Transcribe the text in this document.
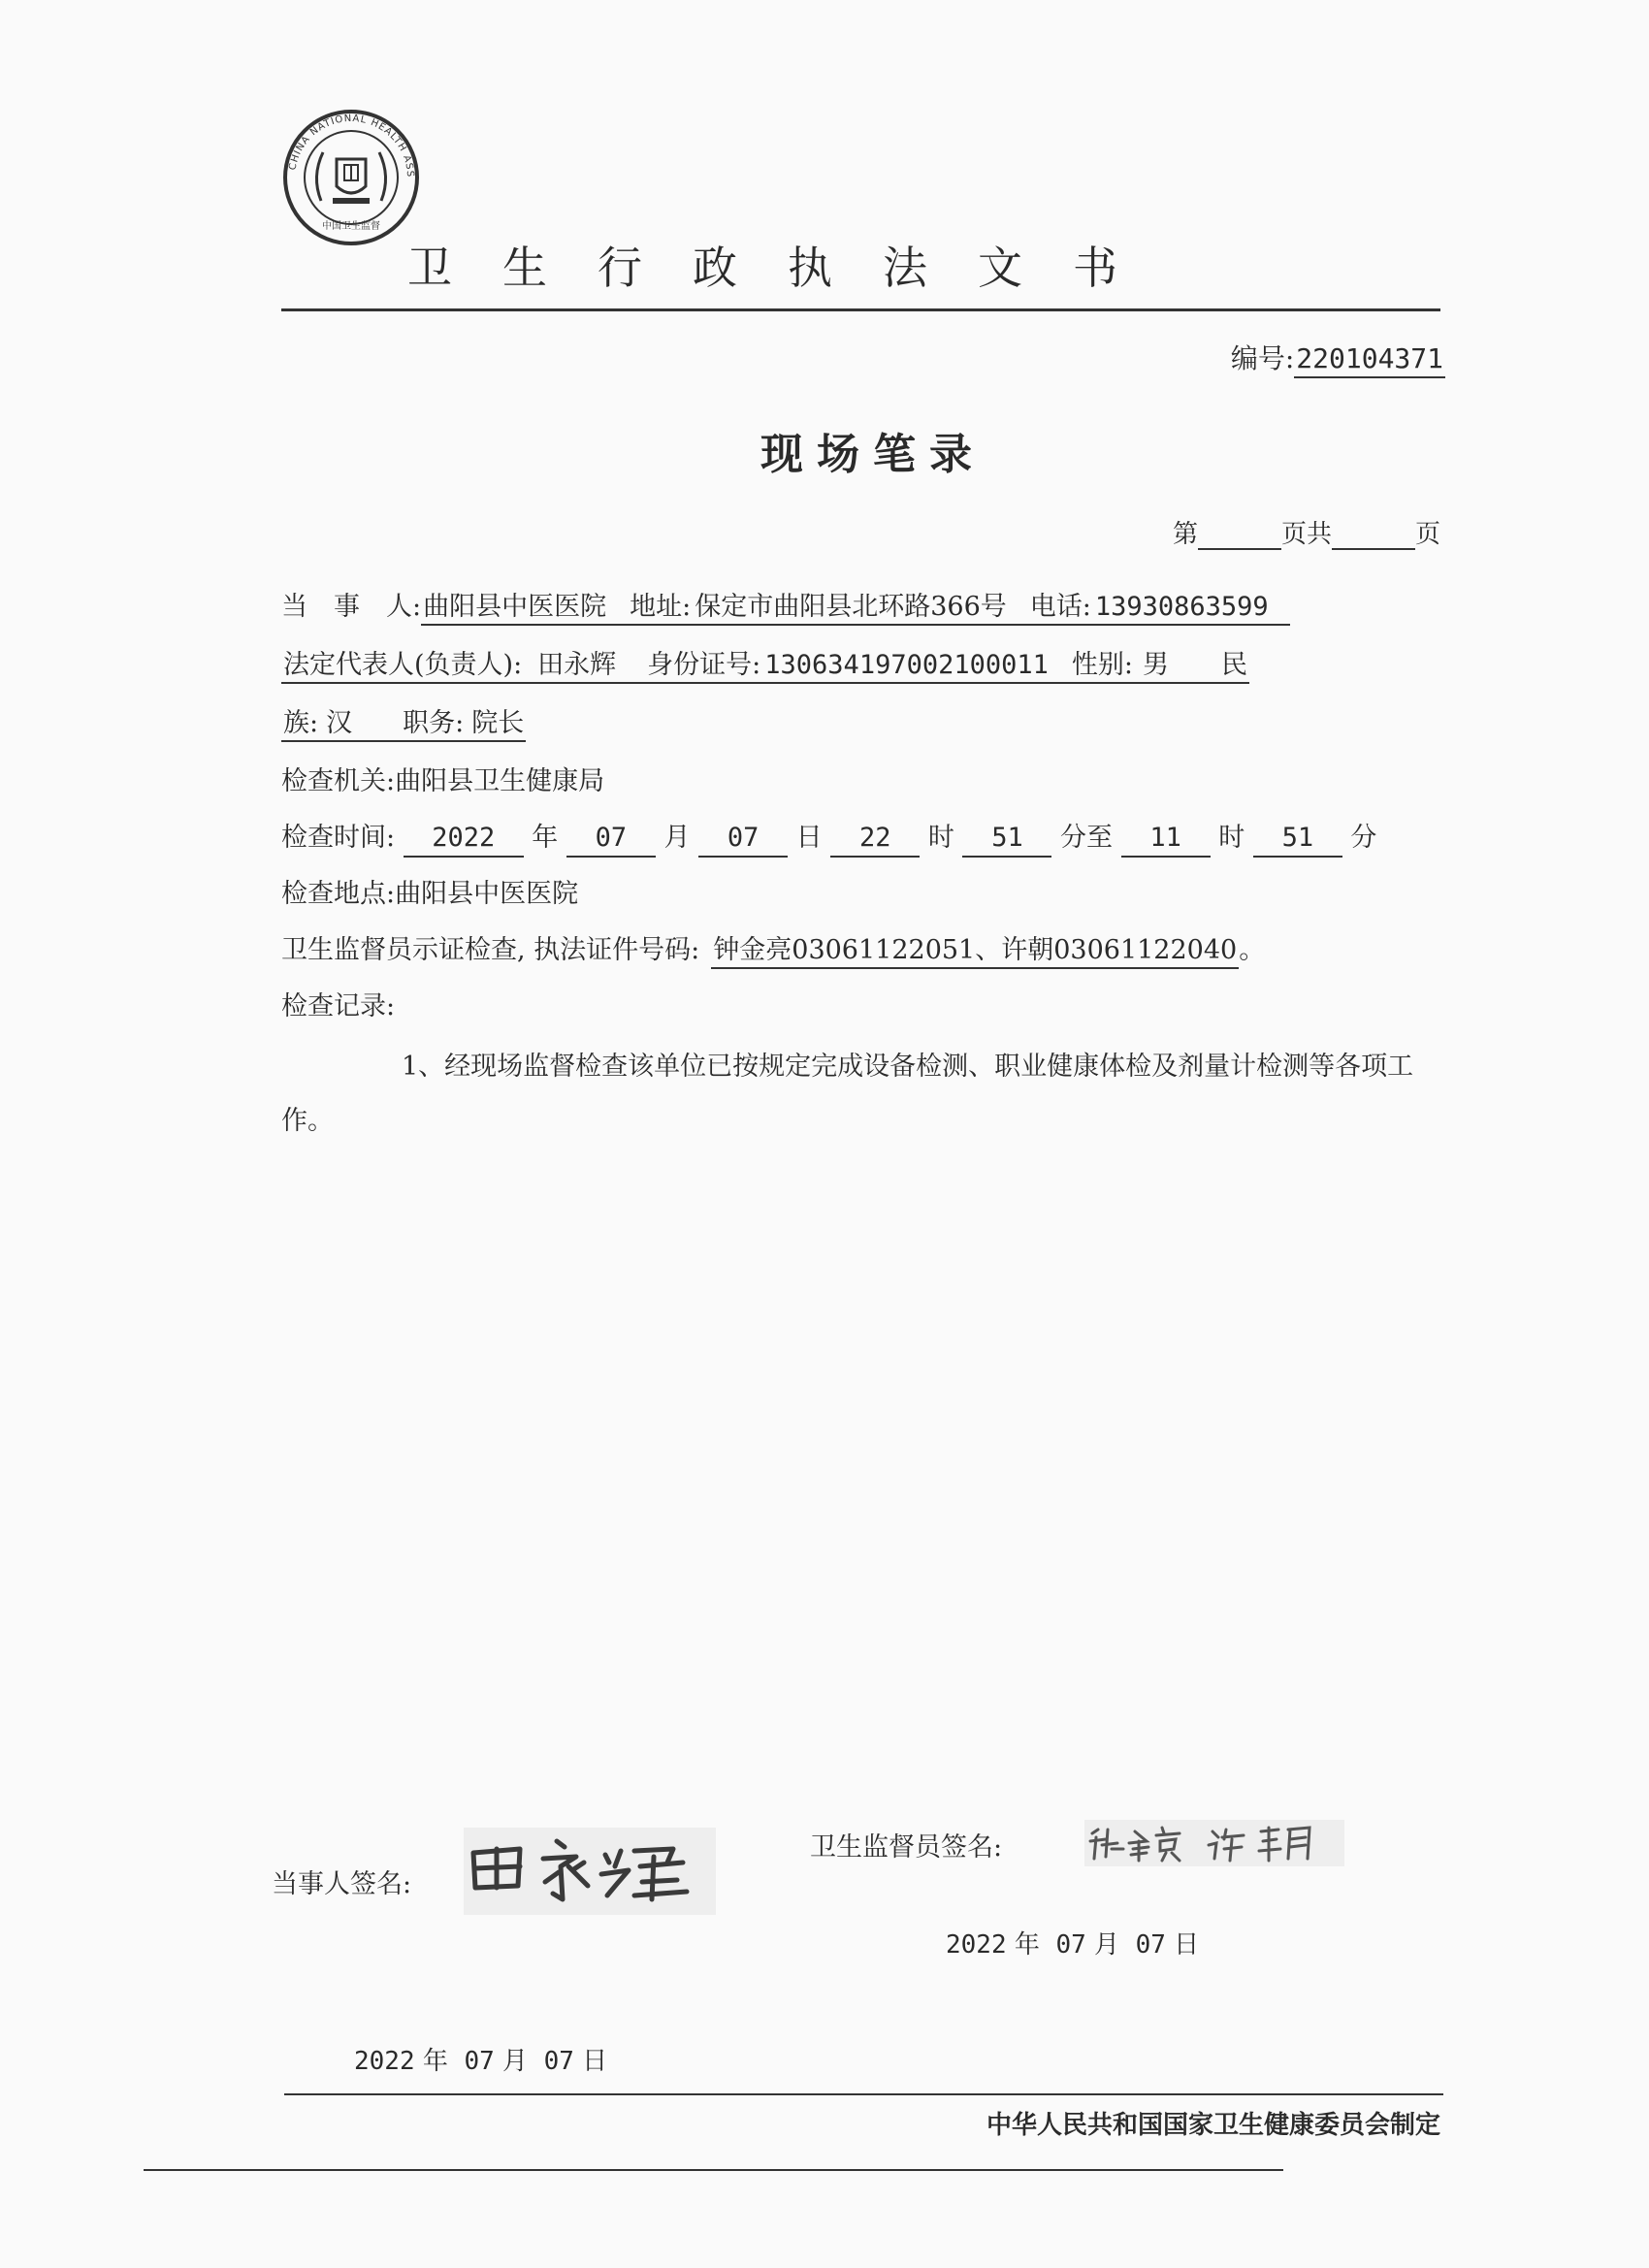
CHINA NATIONAL HEALTH ASS
中国卫生监督
卫生行政执法文书
编号:220104371
现场笔录
第	页共	页
当　事　人:曲阳县中医医院 地址: 保定市曲阳县北环路366号 电话: 13930863599
法定代表人(负责人): 田永辉 身份证号: 130634197002100011 性别: 男 民
族: 汉 职务: 院长
检查机关:曲阳县卫生健康局
检查时间: 2022 年 07 月 07 日 22 时 51 分至 11 时 51 分
检查地点:曲阳县中医医院
卫生监督员示证检查, 执法证件号码: 钟金亮03061122051、许朝03061122040。
检查记录:
1、经现场监督检查该单位已按规定完成设备检测、职业健康体检及剂量计检测等各项工作。
当事人签名:
卫生监督员签名:
2022 年 07 月 07 日
2022 年 07 月 07 日
中华人民共和国国家卫生健康委员会制定
